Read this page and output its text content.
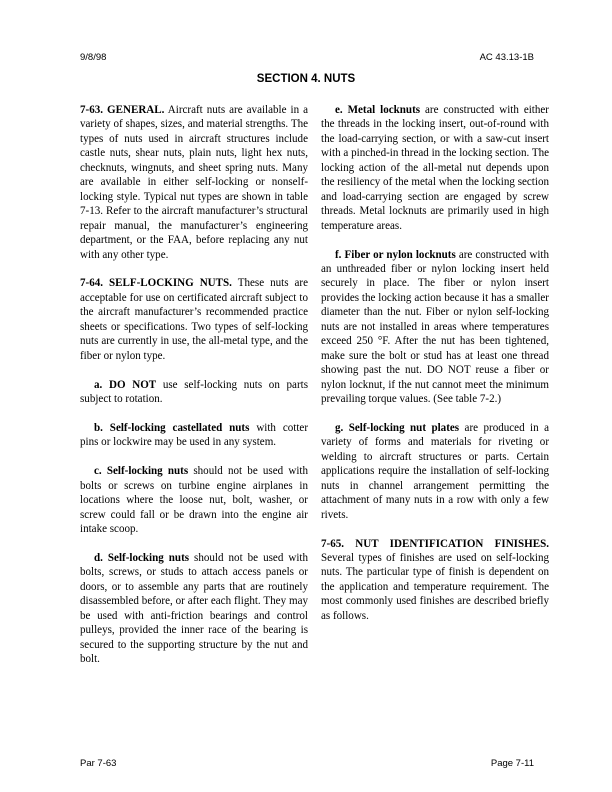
9/8/98	AC 43.13-1B
SECTION 4. NUTS

7-63. GENERAL. Aircraft nuts are available in a variety of shapes, sizes, and material strengths. The types of nuts used in aircraft structures include castle nuts, shear nuts, plain nuts, light hex nuts, checknuts, wingnuts, and sheet spring nuts. Many are available in either self-locking or nonself-locking style. Typical nut types are shown in table 7-13. Refer to the aircraft manufacturer’s structural repair manual, the manufacturer’s engineering department, or the FAA, before replacing any nut with any other type.

7-64. SELF-LOCKING NUTS. These nuts are acceptable for use on certificated aircraft subject to the aircraft manufacturer’s recommended practice sheets or specifications. Two types of self-locking nuts are currently in use, the all-metal type, and the fiber or nylon type.

a. DO NOT use self-locking nuts on parts subject to rotation.

b. Self-locking castellated nuts with cotter pins or lockwire may be used in any system.

c. Self-locking nuts should not be used with bolts or screws on turbine engine airplanes in locations where the loose nut, bolt, washer, or screw could fall or be drawn into the engine air intake scoop.

d. Self-locking nuts should not be used with bolts, screws, or studs to attach access panels or doors, or to assemble any parts that are routinely disassembled before, or after each flight. They may be used with anti-friction bearings and control pulleys, provided the inner race of the bearing is secured to the supporting structure by the nut and bolt.

e. Metal locknuts are constructed with either the threads in the locking insert, out-of-round with the load-carrying section, or with a saw-cut insert with a pinched-in thread in the locking section. The locking action of the all-metal nut depends upon the resiliency of the metal when the locking section and load-carrying section are engaged by screw threads. Metal locknuts are primarily used in high temperature areas.

f. Fiber or nylon locknuts are constructed with an unthreaded fiber or nylon locking insert held securely in place. The fiber or nylon insert provides the locking action because it has a smaller diameter than the nut. Fiber or nylon self-locking nuts are not installed in areas where temperatures exceed 250 °F. After the nut has been tightened, make sure the bolt or stud has at least one thread showing past the nut. DO NOT reuse a fiber or nylon locknut, if the nut cannot meet the minimum prevailing torque values. (See table 7-2.)

g. Self-locking nut plates are produced in a variety of forms and materials for riveting or welding to aircraft structures or parts. Certain applications require the installation of self-locking nuts in channel arrangement permitting the attachment of many nuts in a row with only a few rivets.

7-65. NUT IDENTIFICATION FINISHES. Several types of finishes are used on self-locking nuts. The particular type of finish is dependent on the application and temperature requirement. The most commonly used finishes are described briefly as follows.

Par 7-63	Page 7-11
